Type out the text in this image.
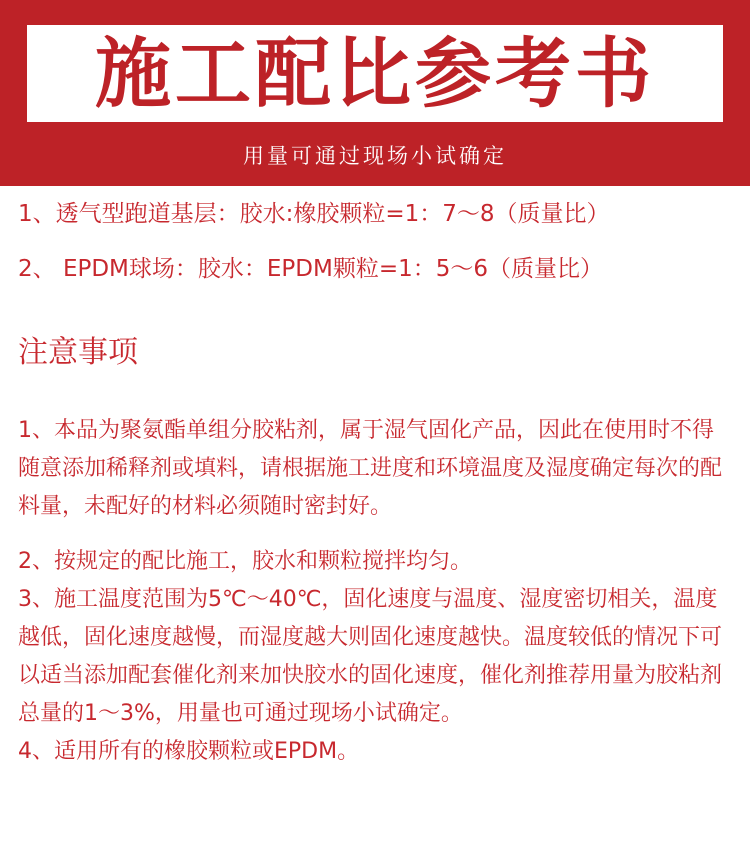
施工配比参考书
用量可通过现场小试确定
1、透气型跑道基层：胶水:橡胶颗粒=1：7～8（质量比）
2、 EPDM球场：胶水：EPDM颗粒=1：5～6（质量比）
注意事项

1、本品为聚氨酯单组分胶粘剂，属于湿气固化产品，因此在使用时不得随意添加稀释剂或填料，请根据施工进度和环境温度及湿度确定每次的配料量，未配好的材料必须随时密封好。

2、按规定的配比施工，胶水和颗粒搅拌均匀。

3、施工温度范围为5℃～40℃，固化速度与温度、湿度密切相关，温度越低，固化速度越慢，而湿度越大则固化速度越快。温度较低的情况下可以适当添加配套催化剂来加快胶水的固化速度，催化剂推荐用量为胶粘剂总量的1～3%，用量也可通过现场小试确定。

4、适用所有的橡胶颗粒或EPDM。
